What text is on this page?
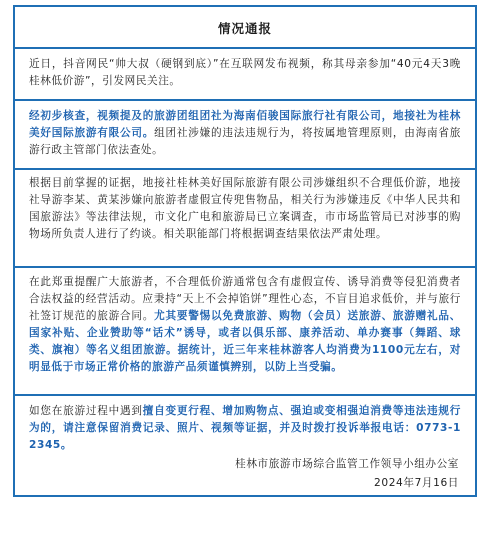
情况通报
近日，抖音网民“帅大叔（硬钢到底）”在互联网发布视频，称其母亲参加“40元4天3晚桂林低价游”，引发网民关注。
经初步核查，视频提及的旅游团组团社为海南佰骏国际旅行社有限公司，地接社为桂林美好国际旅游有限公司。组团社涉嫌的违法违规行为，将按属地管理原则，由海南省旅游行政主管部门依法查处。
根据目前掌握的证据，地接社桂林美好国际旅游有限公司涉嫌组织不合理低价游，地接社导游李某、黄某涉嫌向旅游者虚假宣传兜售物品，相关行为涉嫌违反《中华人民共和国旅游法》等法律法规，市文化广电和旅游局已立案调查，市市场监管局已对涉事的购物场所负责人进行了约谈。相关职能部门将根据调查结果依法严肃处理。
在此郑重提醒广大旅游者，不合理低价游通常包含有虚假宣传、诱导消费等侵犯消费者合法权益的经营活动。应秉持“天上不会掉馅饼”理性心态，不盲目追求低价，并与旅行社签订规范的旅游合同。尤其要警惕以免费旅游、购物（会员）送旅游、旅游赠礼品、国家补贴、企业赞助等“话术”诱导，或者以俱乐部、康养活动、单办赛事（舞蹈、球类、旗袍）等名义组团旅游。据统计，近三年来桂林游客人均消费为1100元左右，对明显低于市场正常价格的旅游产品须谨慎辨别，以防上当受骗。
如您在旅游过程中遇到擅自变更行程、增加购物点、强迫或变相强迫消费等违法违规行为的，请注意保留消费记录、照片、视频等证据，并及时拨打投诉举报电话：0773-12345。
桂林市旅游市场综合监管工作领导小组办公室
2024年7月16日
